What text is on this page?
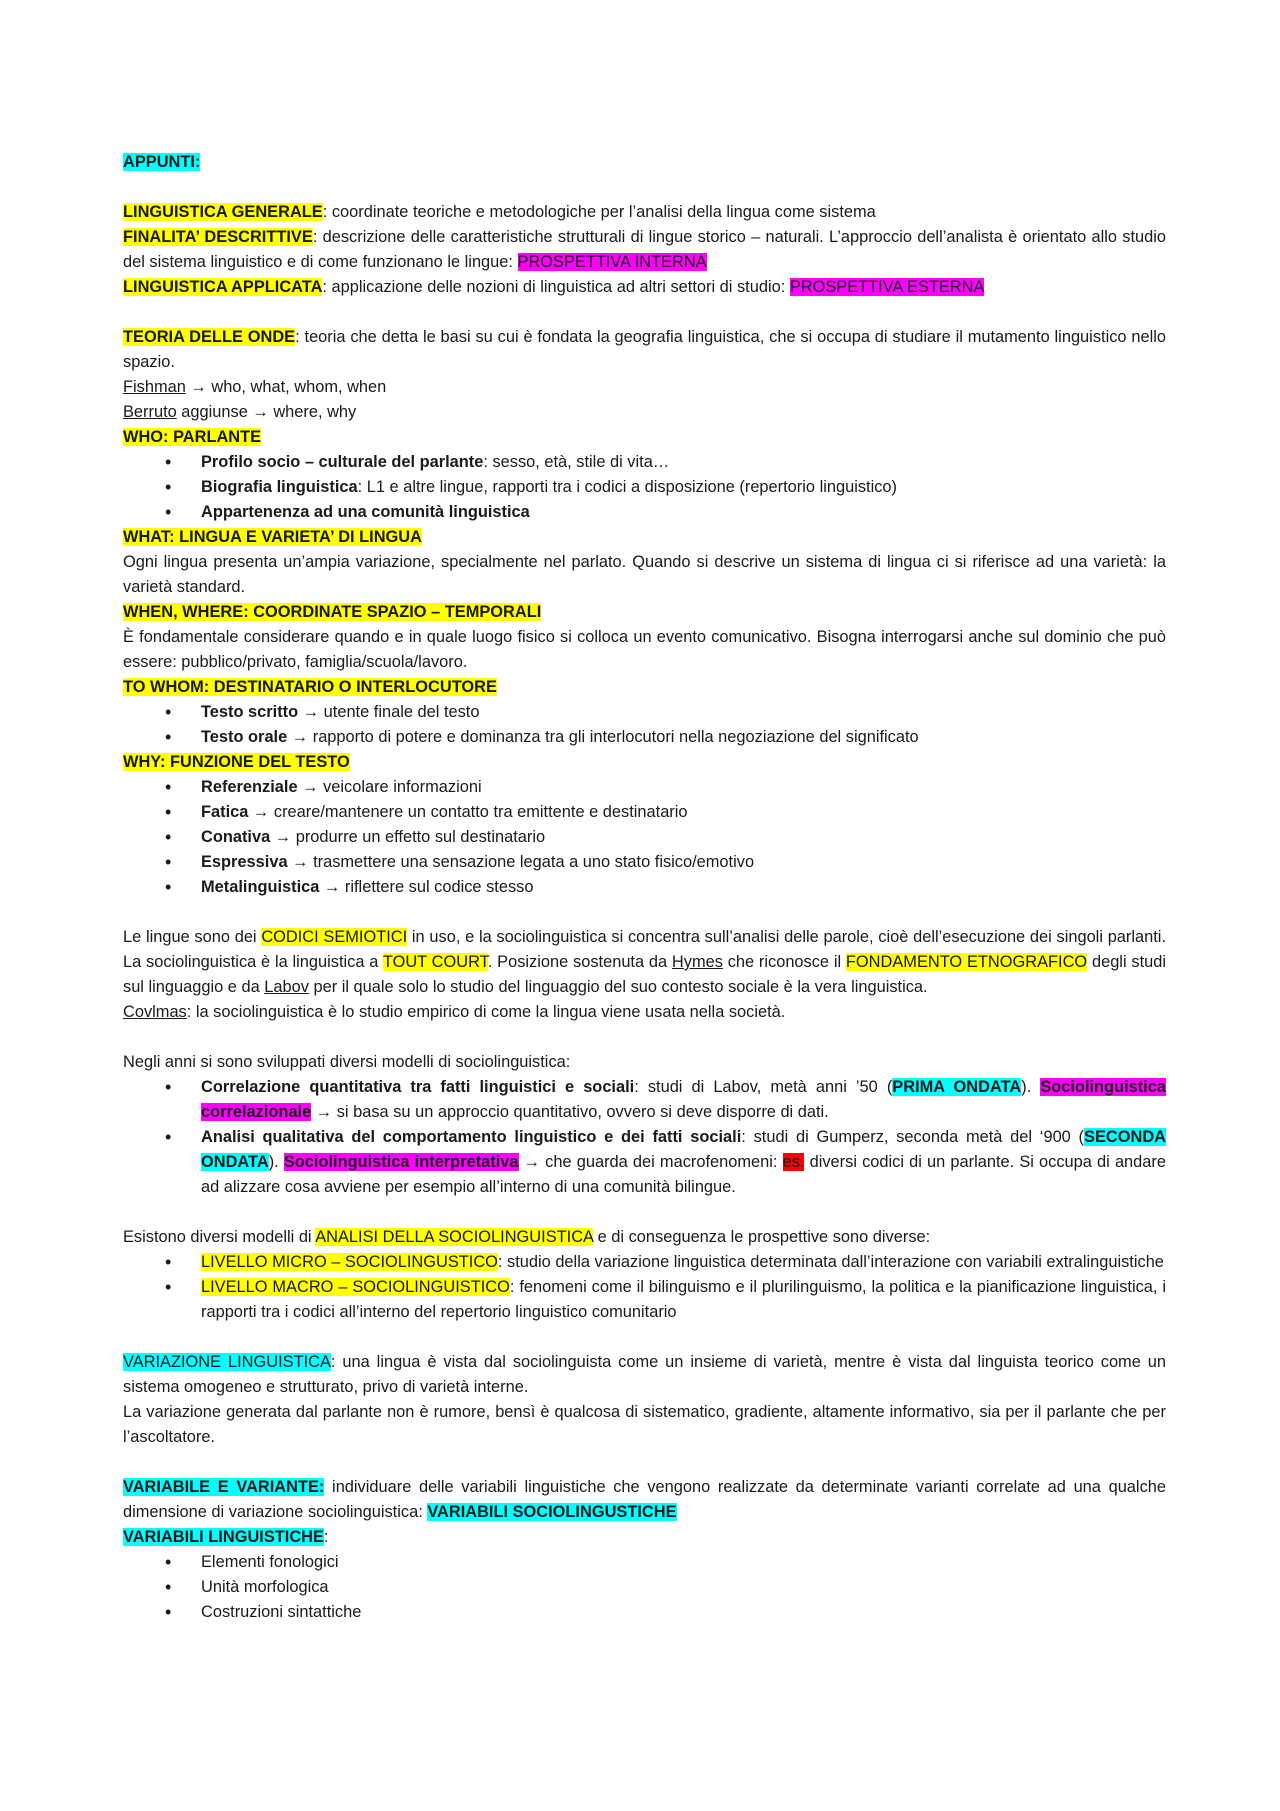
APPUNTI:

LINGUISTICA GENERALE: coordinate teoriche e metodologiche per l’analisi della lingua come sistema

FINALITA’ DESCRITTIVE: descrizione delle caratteristiche strutturali di lingue storico – naturali. L’approccio dell’analista è orientato allo studio del sistema linguistico e di come funzionano le lingue: PROSPETTIVA INTERNA

LINGUISTICA APPLICATA: applicazione delle nozioni di linguistica ad altri settori di studio: PROSPETTIVA ESTERNA

TEORIA DELLE ONDE: teoria che detta le basi su cui è fondata la geografia linguistica, che si occupa di studiare il mutamento linguistico nello spazio.

Fishman → who, what, whom, when

Berruto aggiunse → where, why

WHO: PARLANTE

• Profilo socio – culturale del parlante: sesso, età, stile di vita…
• Biografia linguistica: L1 e altre lingue, rapporti tra i codici a disposizione (repertorio linguistico)
• Appartenenza ad una comunità linguistica

WHAT: LINGUA E VARIETA’ DI LINGUA

Ogni lingua presenta un’ampia variazione, specialmente nel parlato. Quando si descrive un sistema di lingua ci si riferisce ad una varietà: la varietà standard.

WHEN, WHERE: COORDINATE SPAZIO – TEMPORALI

È fondamentale considerare quando e in quale luogo fisico si colloca un evento comunicativo. Bisogna interrogarsi anche sul dominio che può essere: pubblico/privato, famiglia/scuola/lavoro.

TO WHOM: DESTINATARIO O INTERLOCUTORE

• Testo scritto → utente finale del testo
• Testo orale → rapporto di potere e dominanza tra gli interlocutori nella negoziazione del significato

WHY: FUNZIONE DEL TESTO

• Referenziale → veicolare informazioni
• Fatica → creare/mantenere un contatto tra emittente e destinatario
• Conativa → produrre un effetto sul destinatario
• Espressiva → trasmettere una sensazione legata a uno stato fisico/emotivo
• Metalinguistica → riflettere sul codice stesso

Le lingue sono dei CODICI SEMIOTICI in uso, e la sociolinguistica si concentra sull’analisi delle parole, cioè dell’esecuzione dei singoli parlanti. La sociolinguistica è la linguistica a TOUT COURT. Posizione sostenuta da Hymes che riconosce il FONDAMENTO ETNOGRAFICO degli studi sul linguaggio e da Labov per il quale solo lo studio del linguaggio del suo contesto sociale è la vera linguistica.

Covlmas: la sociolinguistica è lo studio empirico di come la lingua viene usata nella società.

Negli anni si sono sviluppati diversi modelli di sociolinguistica:

• Correlazione quantitativa tra fatti linguistici e sociali: studi di Labov, metà anni ’50 (PRIMA ONDATA). Sociolinguistica correlazionale → si basa su un approccio quantitativo, ovvero si deve disporre di dati.
• Analisi qualitativa del comportamento linguistico e dei fatti sociali: studi di Gumperz, seconda metà del ‘900 (SECONDA ONDATA). Sociolinguistica interpretativa → che guarda dei macrofenomeni: es. diversi codici di un parlante. Si occupa di andare ad alizzare cosa avviene per esempio all’interno di una comunità bilingue.

Esistono diversi modelli di ANALISI DELLA SOCIOLINGUISTICA e di conseguenza le prospettive sono diverse:

• LIVELLO MICRO – SOCIOLINGUSTICO: studio della variazione linguistica determinata dall’interazione con variabili extralinguistiche
• LIVELLO MACRO – SOCIOLINGUISTICO: fenomeni come il bilinguismo e il plurilinguismo, la politica e la pianificazione linguistica, i rapporti tra i codici all’interno del repertorio linguistico comunitario

VARIAZIONE LINGUISTICA: una lingua è vista dal sociolinguista come un insieme di varietà, mentre è vista dal linguista teorico come un sistema omogeneo e strutturato, privo di varietà interne.

La variazione generata dal parlante non è rumore, bensì è qualcosa di sistematico, gradiente, altamente informativo, sia per il parlante che per l’ascoltatore.

VARIABILE E VARIANTE: individuare delle variabili linguistiche che vengono realizzate da determinate varianti correlate ad una qualche dimensione di variazione sociolinguistica: VARIABILI SOCIOLINGUSTICHE

VARIABILI LINGUISTICHE:

• Elementi fonologici
• Unità morfologica
• Costruzioni sintattiche
